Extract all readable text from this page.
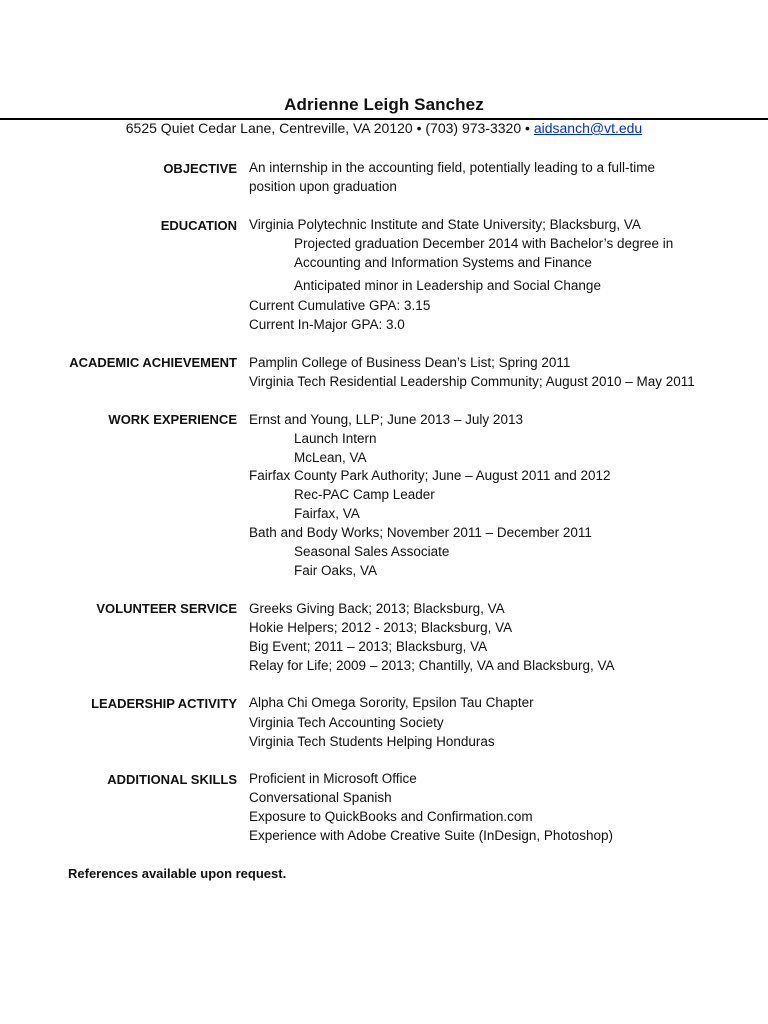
Adrienne Leigh Sanchez
6525 Quiet Cedar Lane, Centreville, VA 20120 • (703) 973-3320 • aidsanch@vt.edu
OBJECTIVE An internship in the accounting field, potentially leading to a full-time
position upon graduation
EDUCATION Virginia Polytechnic Institute and State University; Blacksburg, VA
Projected graduation December 2014 with Bachelor’s degree in
Accounting and Information Systems and Finance
Anticipated minor in Leadership and Social Change
Current Cumulative GPA: 3.15
Current In-Major GPA: 3.0
ACADEMIC ACHIEVEMENT Pamplin College of Business Dean’s List; Spring 2011
Virginia Tech Residential Leadership Community; August 2010 – May 2011
WORK EXPERIENCE Ernst and Young, LLP; June 2013 – July 2013
Launch Intern
McLean, VA
Fairfax County Park Authority; June – August 2011 and 2012
Rec-PAC Camp Leader
Fairfax, VA
Bath and Body Works; November 2011 – December 2011
Seasonal Sales Associate
Fair Oaks, VA
VOLUNTEER SERVICE Greeks Giving Back; 2013; Blacksburg, VA
Hokie Helpers; 2012 - 2013; Blacksburg, VA
Big Event; 2011 – 2013; Blacksburg, VA
Relay for Life; 2009 – 2013; Chantilly, VA and Blacksburg, VA
LEADERSHIP ACTIVITY Alpha Chi Omega Sorority, Epsilon Tau Chapter
Virginia Tech Accounting Society
Virginia Tech Students Helping Honduras
ADDITIONAL SKILLS Proficient in Microsoft Office
Conversational Spanish
Exposure to QuickBooks and Confirmation.com
Experience with Adobe Creative Suite (InDesign, Photoshop)
References available upon request.
